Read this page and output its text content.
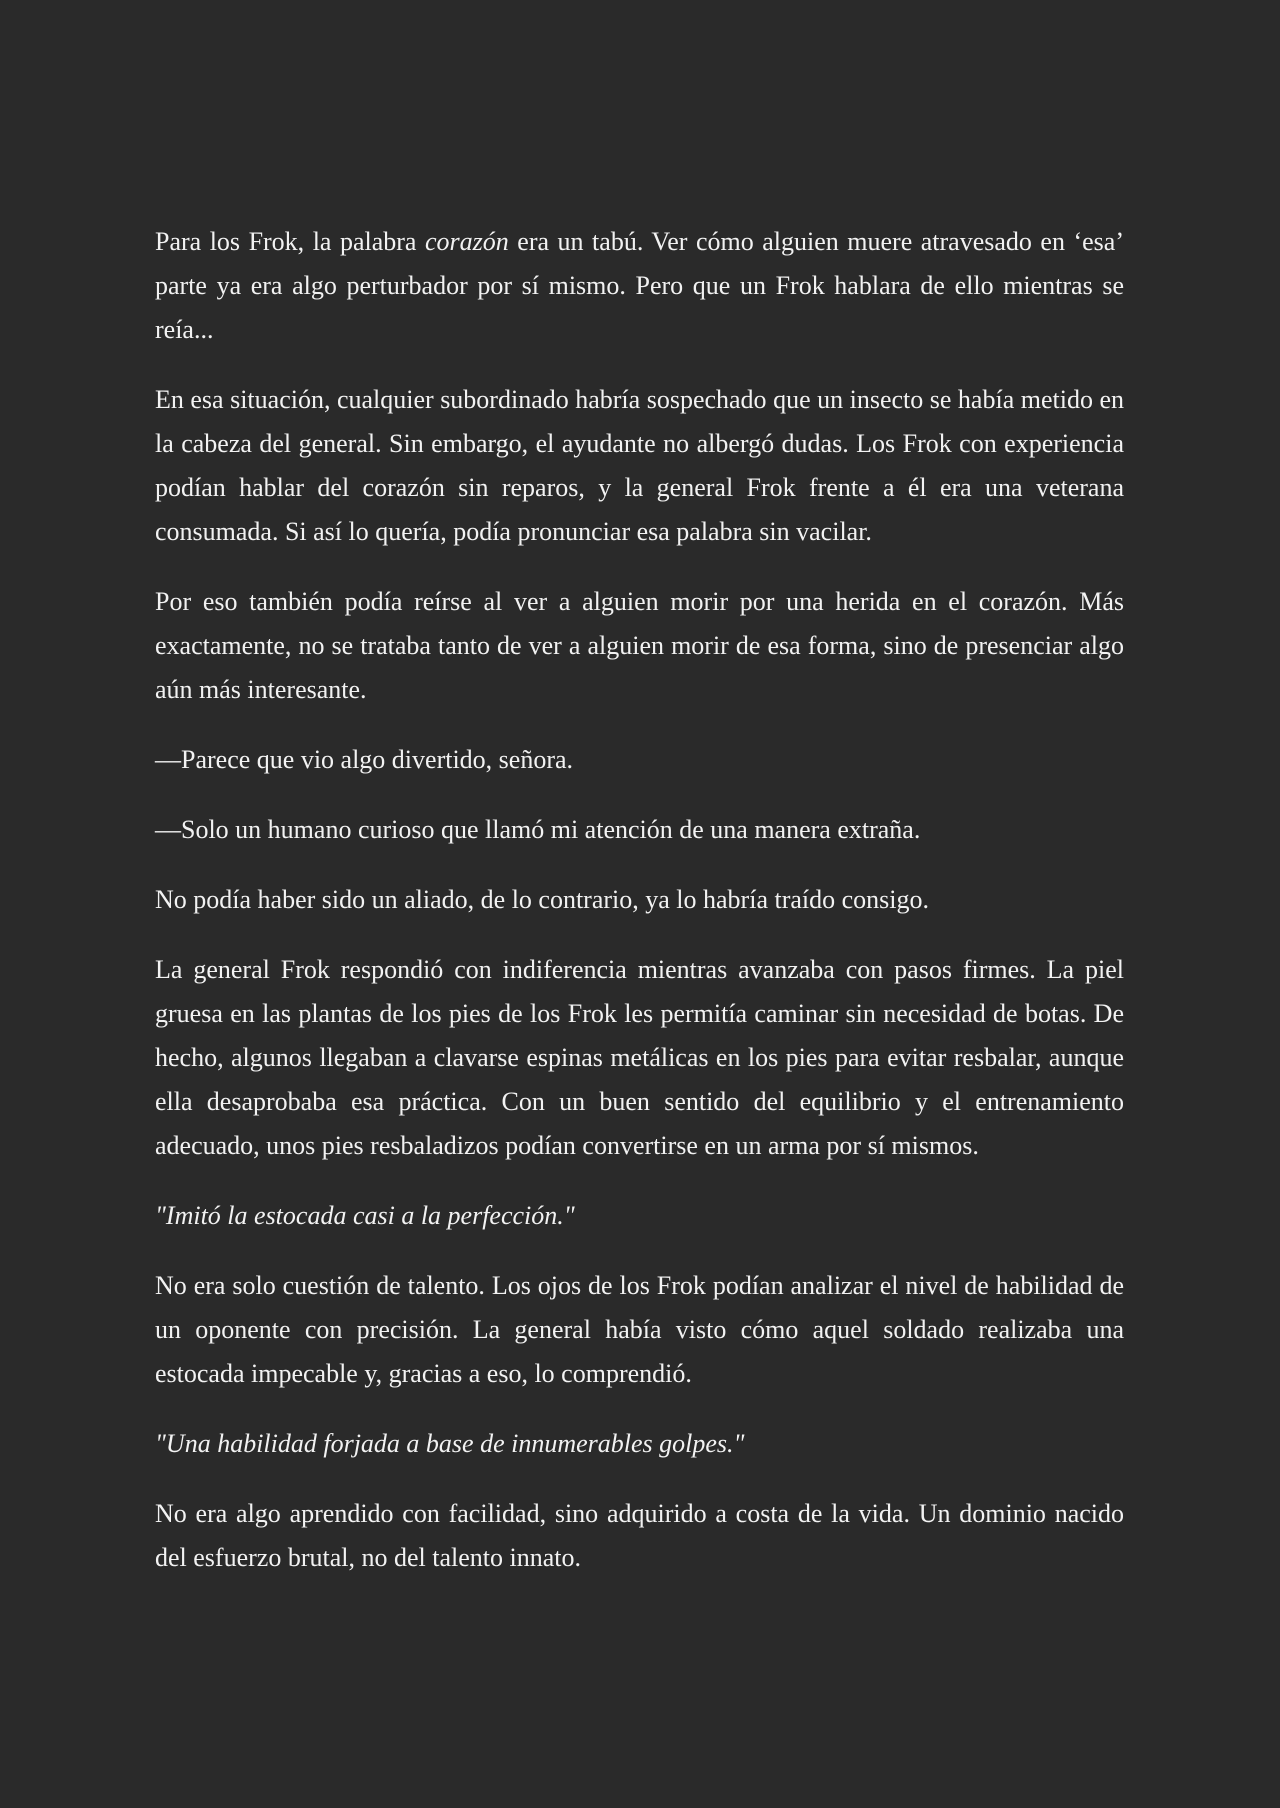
Para los Frok, la palabra corazón era un tabú. Ver cómo alguien muere atravesado en ‘esa’ parte ya era algo perturbador por sí mismo. Pero que un Frok hablara de ello mientras se reía...

En esa situación, cualquier subordinado habría sospechado que un insecto se había metido en la cabeza del general. Sin embargo, el ayudante no albergó dudas. Los Frok con experiencia podían hablar del corazón sin reparos, y la general Frok frente a él era una veterana consumada. Si así lo quería, podía pronunciar esa palabra sin vacilar.

Por eso también podía reírse al ver a alguien morir por una herida en el corazón. Más exactamente, no se trataba tanto de ver a alguien morir de esa forma, sino de presenciar algo aún más interesante.

—Parece que vio algo divertido, señora.

—Solo un humano curioso que llamó mi atención de una manera extraña.

No podía haber sido un aliado, de lo contrario, ya lo habría traído consigo.

La general Frok respondió con indiferencia mientras avanzaba con pasos firmes. La piel gruesa en las plantas de los pies de los Frok les permitía caminar sin necesidad de botas. De hecho, algunos llegaban a clavarse espinas metálicas en los pies para evitar resbalar, aunque ella desaprobaba esa práctica. Con un buen sentido del equilibrio y el entrenamiento adecuado, unos pies resbaladizos podían convertirse en un arma por sí mismos.

"Imitó la estocada casi a la perfección."

No era solo cuestión de talento. Los ojos de los Frok podían analizar el nivel de habilidad de un oponente con precisión. La general había visto cómo aquel soldado realizaba una estocada impecable y, gracias a eso, lo comprendió.

"Una habilidad forjada a base de innumerables golpes."

No era algo aprendido con facilidad, sino adquirido a costa de la vida. Un dominio nacido del esfuerzo brutal, no del talento innato.
